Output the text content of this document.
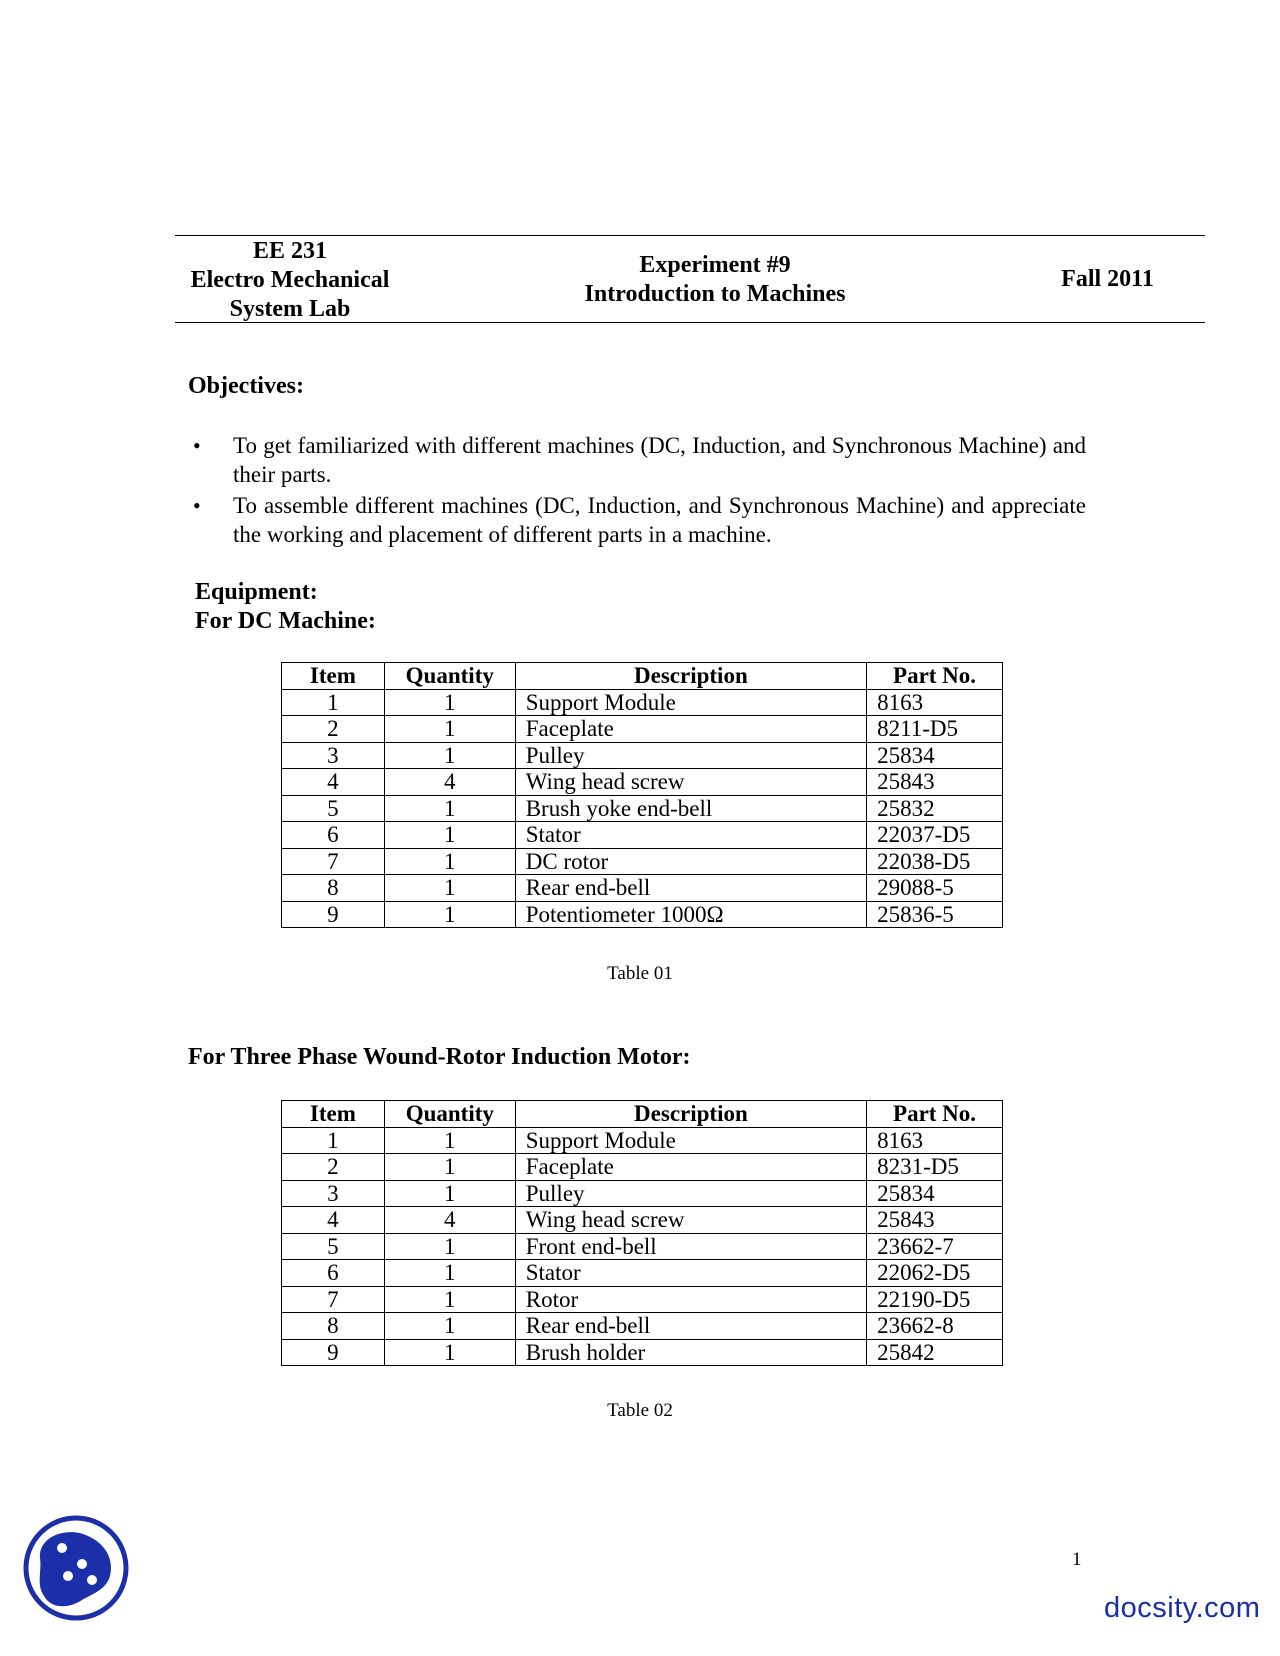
EE 231
Electro Mechanical
System Lab
Experiment #9
Introduction to Machines
Fall 2011
Objectives:
• To get familiarized with different machines (DC, Induction, and Synchronous Machine) and their parts.
• To assemble different machines (DC, Induction, and Synchronous Machine) and appreciate the working and placement of different parts in a machine.
Equipment:
For DC Machine:
Item	Quantity	Description	Part No.
1	1	Support Module	8163
2	1	Faceplate	8211-D5
3	1	Pulley	25834
4	4	Wing head screw	25843
5	1	Brush yoke end-bell	25832
6	1	Stator	22037-D5
7	1	DC rotor	22038-D5
8	1	Rear end-bell	29088-5
9	1	Potentiometer 1000Ω	25836-5
Table 01
For Three Phase Wound-Rotor Induction Motor:
Item	Quantity	Description	Part No.
1	1	Support Module	8163
2	1	Faceplate	8231-D5
3	1	Pulley	25834
4	4	Wing head screw	25843
5	1	Front end-bell	23662-7
6	1	Stator	22062-D5
7	1	Rotor	22190-D5
8	1	Rear end-bell	23662-8
9	1	Brush holder	25842
Table 02
1
docsity.com
